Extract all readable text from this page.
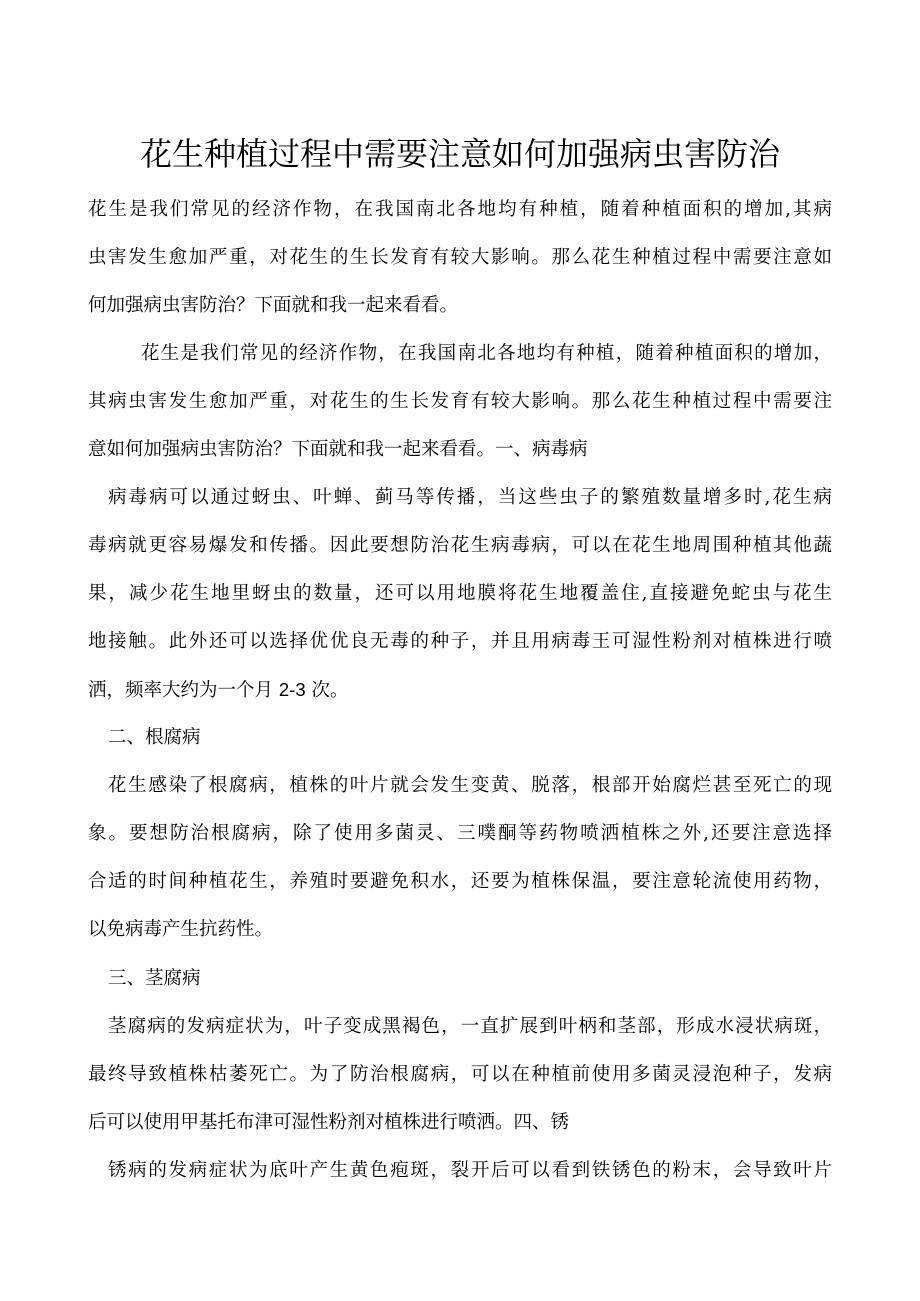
花生种植过程中需要注意如何加强病虫害防治
花生是我们常见的经济作物，在我国南北各地均有种植，随着种植面积的增加,其病
虫害发生愈加严重，对花生的生长发育有较大影响。那么花生种植过程中需要注意如
何加强病虫害防治？下面就和我一起来看看。
花生是我们常见的经济作物，在我国南北各地均有种植，随着种植面积的增加，
其病虫害发生愈加严重，对花生的生长发育有较大影响。那么花生种植过程中需要注
意如何加强病虫害防治？下面就和我一起来看看。一、病毒病
病毒病可以通过蚜虫、叶蝉、蓟马等传播，当这些虫子的繁殖数量增多时,花生病
毒病就更容易爆发和传播。因此要想防治花生病毒病，可以在花生地周围种植其他蔬
果，减少花生地里蚜虫的数量，还可以用地膜将花生地覆盖住,直接避免蛇虫与花生
地接触。此外还可以选择优优良无毒的种子，并且用病毒王可湿性粉剂对植株进行喷
洒，频率大约为一个月 2-3 次。
二、根腐病
花生感染了根腐病，植株的叶片就会发生变黄、脱落，根部开始腐烂甚至死亡的现
象。要想防治根腐病，除了使用多菌灵、三噗酮等药物喷洒植株之外,还要注意选择
合适的时间种植花生，养殖时要避免积水，还要为植株保温，要注意轮流使用药物，
以免病毒产生抗药性。
三、茎腐病
茎腐病的发病症状为，叶子变成黑褐色，一直扩展到叶柄和茎部，形成水浸状病斑，
最终导致植株枯萎死亡。为了防治根腐病，可以在种植前使用多菌灵浸泡种子，发病
后可以使用甲基托布津可湿性粉剂对植株进行喷洒。四、锈
锈病的发病症状为底叶产生黄色疱斑，裂开后可以看到铁锈色的粉末，会导致叶片
